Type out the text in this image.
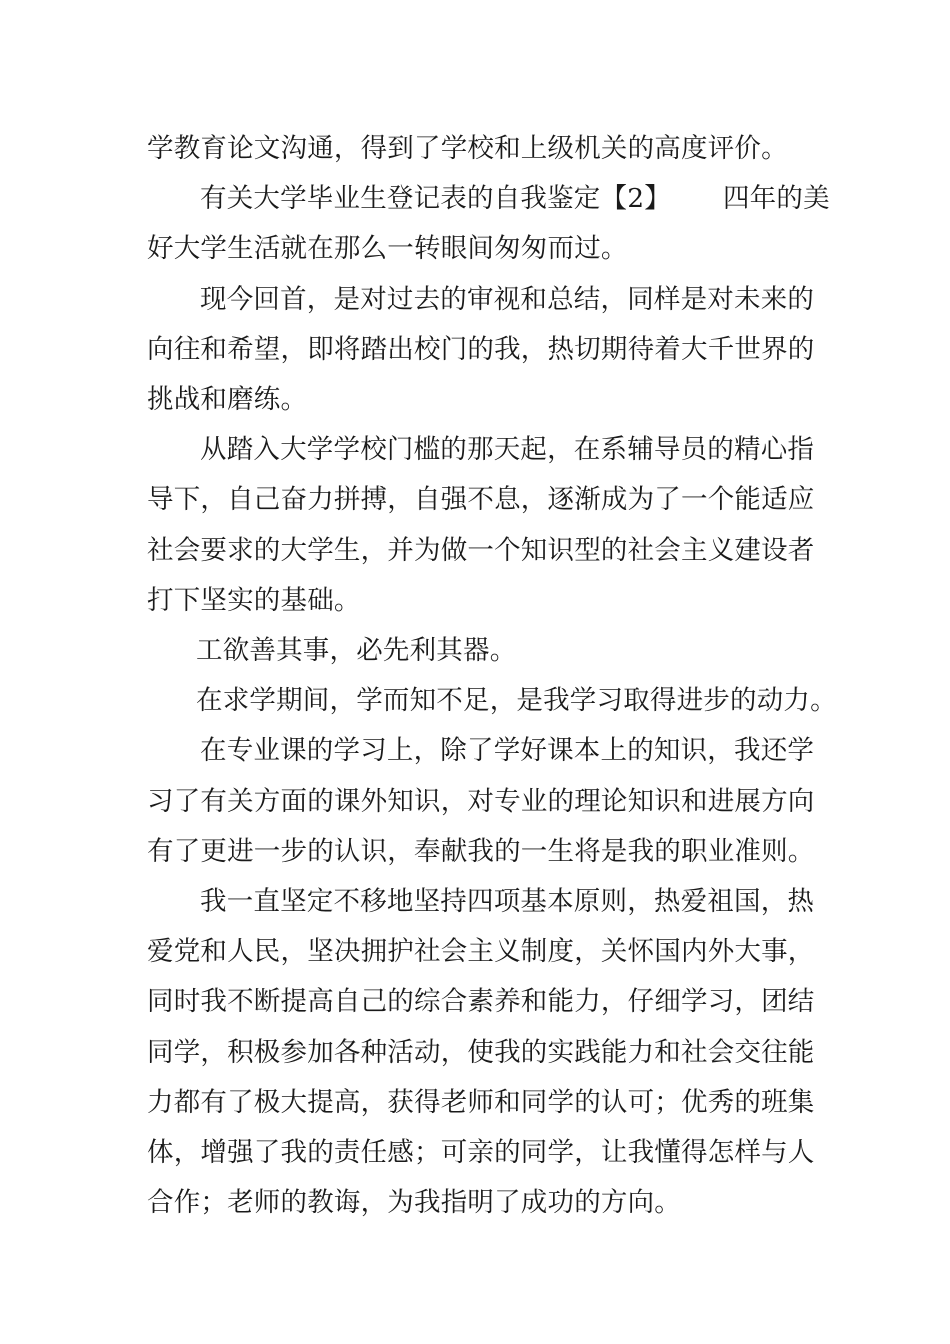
学教育论文沟通，得到了学校和上级机关的高度评价。
有关大学毕业生登记表的自我鉴定【2】 四年的美
好大学生活就在那么一转眼间匆匆而过。
现今回首，是对过去的审视和总结，同样是对未来的
向往和希望，即将踏出校门的我，热切期待着大千世界的
挑战和磨练。
从踏入大学学校门槛的那天起，在系辅导员的精心指
导下，自己奋力拼搏，自强不息，逐渐成为了一个能适应
社会要求的大学生，并为做一个知识型的社会主义建设者
打下坚实的基础。
工欲善其事，必先利其器。
在求学期间，学而知不足，是我学习取得进步的动力。
在专业课的学习上，除了学好课本上的知识，我还学
习了有关方面的课外知识，对专业的理论知识和进展方向
有了更进一步的认识，奉献我的一生将是我的职业准则。
我一直坚定不移地坚持四项基本原则，热爱祖国，热
爱党和人民，坚决拥护社会主义制度，关怀国内外大事，
同时我不断提高自己的综合素养和能力，仔细学习，团结
同学，积极参加各种活动，使我的实践能力和社会交往能
力都有了极大提高，获得老师和同学的认可；优秀的班集
体，增强了我的责任感；可亲的同学，让我懂得怎样与人
合作；老师的教诲，为我指明了成功的方向。
